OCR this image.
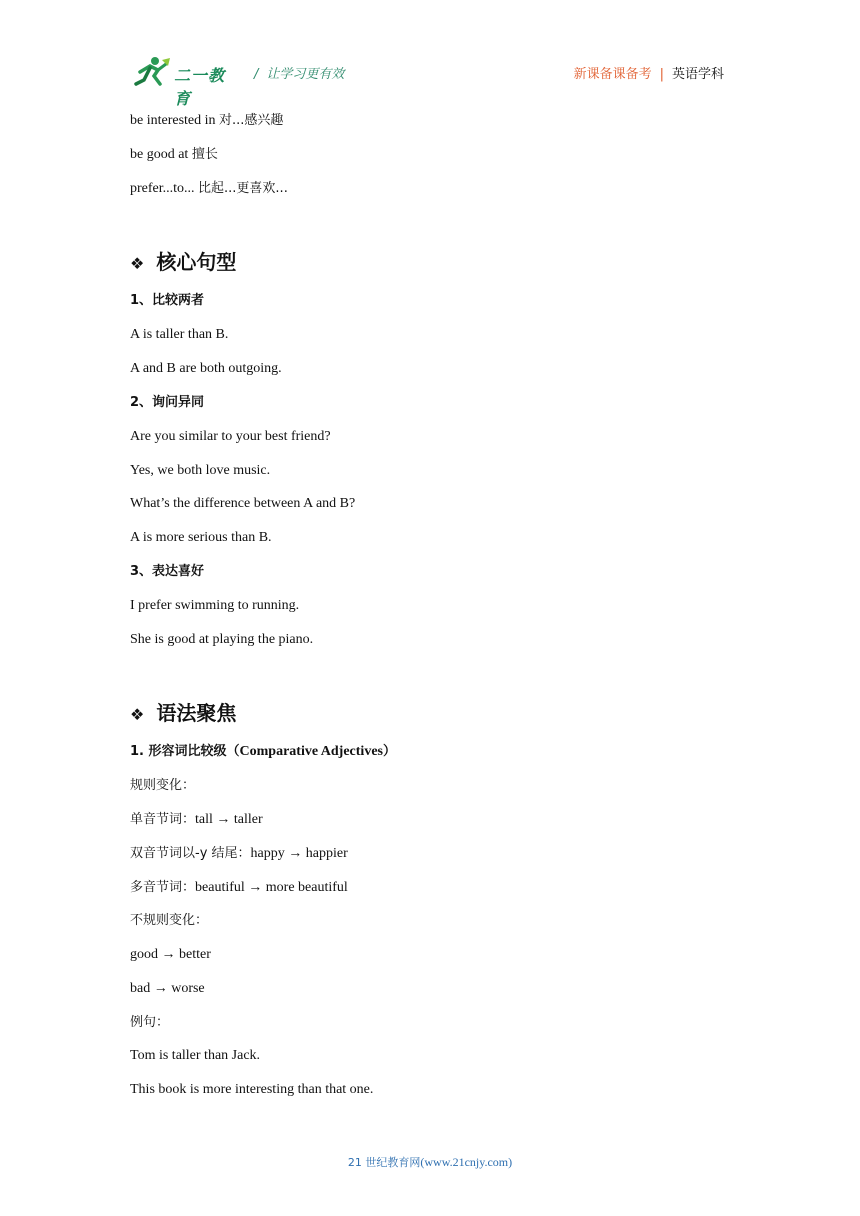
二一教育
/ 让学习更有效	新课备课备考 | 英语学科
be interested in 对...感兴趣
be good at 擅长
prefer...to... 比起...更喜欢...
❖ 核心句型
1、比较两者
A is taller than B.
A and B are both outgoing.
2、询问异同
Are you similar to your best friend?
Yes, we both love music.
What’s the difference between A and B?
A is more serious than B.
3、表达喜好
I prefer swimming to running.
She is good at playing the piano.
❖ 语法聚焦
1. 形容词比较级（Comparative Adjectives）
规则变化：
单音节词：tall → taller
双音节词以-y 结尾：happy → happier
多音节词：beautiful → more beautiful
不规则变化：
good → better
bad → worse
例句：
Tom is taller than Jack.
This book is more interesting than that one.
21 世纪教育网(www.21cnjy.com)
